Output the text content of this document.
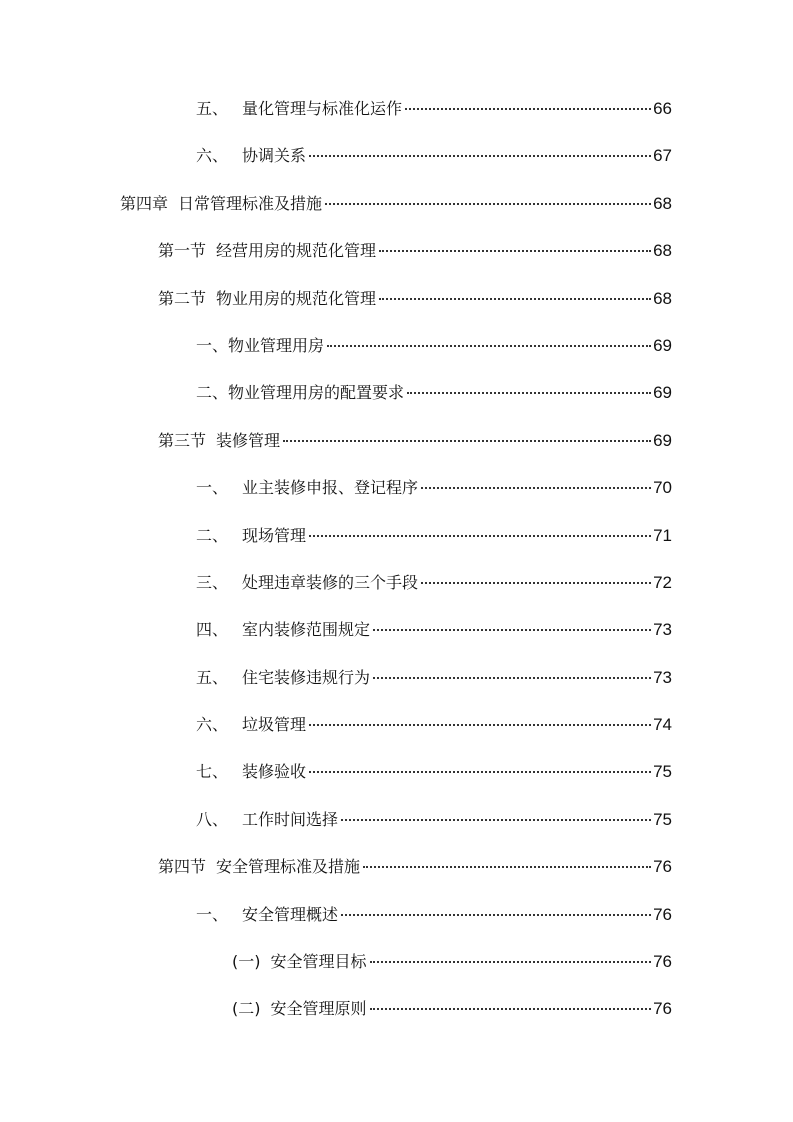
五、 量化管理与标准化运作	66
六、 协调关系	67
第四章 日常管理标准及措施	68
第一节 经营用房的规范化管理	68
第二节 物业用房的规范化管理	68
一、 物业管理用房	69
二、 物业管理用房的配置要求	69
第三节 装修管理	69
一、 业主装修申报、登记程序	70
二、 现场管理	71
三、 处理违章装修的三个手段	72
四、 室内装修范围规定	73
五、 住宅装修违规行为	73
六、 垃圾管理	74
七、 装修验收	75
八、 工作时间选择	75
第四节 安全管理标准及措施	76
一、 安全管理概述	76
(一) 安全管理目标	76
(二) 安全管理原则	76
